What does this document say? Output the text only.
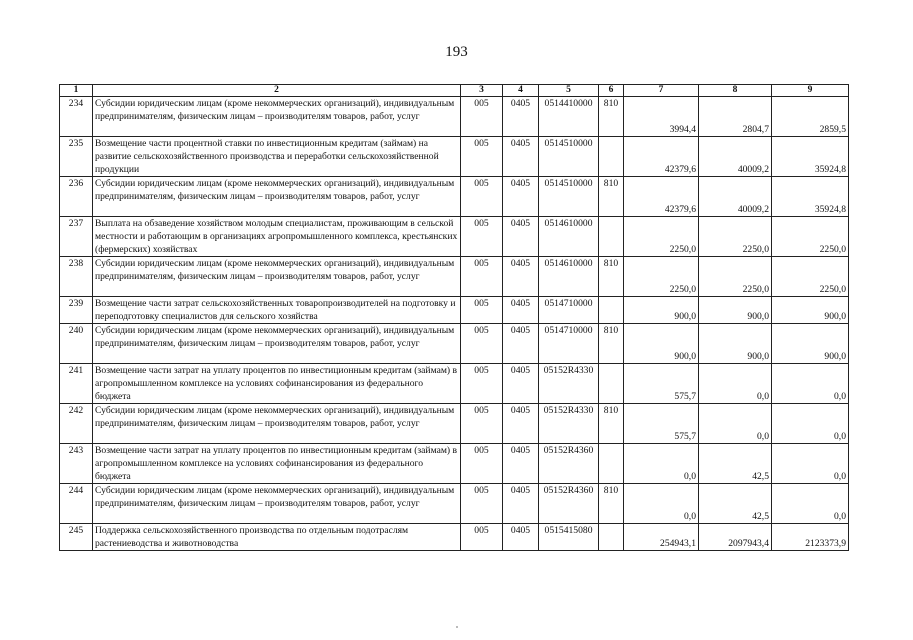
193
1	2	3	4	5	6	7	8	9
234	Субсидии юридическим лицам (кроме некоммерческих организаций), индивидуальным предпринимателям, физическим лицам – производителям товаров, работ, услуг	005	0405	0514410000	810	3994,4	2804,7	2859,5
235	Возмещение части процентной ставки по инвестиционным кредитам (займам) на развитие сельскохозяйственного производства и переработки сельскохозяйственной продукции	005	0405	0514510000		42379,6	40009,2	35924,8
236	Субсидии юридическим лицам (кроме некоммерческих организаций), индивидуальным предпринимателям, физическим лицам – производителям товаров, работ, услуг	005	0405	0514510000	810	42379,6	40009,2	35924,8
237	Выплата на обзаведение хозяйством молодым специалистам, проживающим в сельской местности и работающим в организациях агропромышленного комплекса, крестьянских (фермерских) хозяйствах	005	0405	0514610000		2250,0	2250,0	2250,0
238	Субсидии юридическим лицам (кроме некоммерческих организаций), индивидуальным предпринимателям, физическим лицам – производителям товаров, работ, услуг	005	0405	0514610000	810	2250,0	2250,0	2250,0
239	Возмещение части затрат сельскохозяйственных товаропроизводителей на подготовку и переподготовку специалистов для сельского хозяйства	005	0405	0514710000		900,0	900,0	900,0
240	Субсидии юридическим лицам (кроме некоммерческих организаций), индивидуальным предпринимателям, физическим лицам – производителям товаров, работ, услуг	005	0405	0514710000	810	900,0	900,0	900,0
241	Возмещение части затрат на уплату процентов по инвестиционным кредитам (займам) в агропромышленном комплексе на условиях софинансирования из федерального бюджета	005	0405	05152R4330		575,7	0,0	0,0
242	Субсидии юридическим лицам (кроме некоммерческих организаций), индивидуальным предпринимателям, физическим лицам – производителям товаров, работ, услуг	005	0405	05152R4330	810	575,7	0,0	0,0
243	Возмещение части затрат на уплату процентов по инвестиционным кредитам (займам) в агропромышленном комплексе на условиях софинансирования из федерального бюджета	005	0405	05152R4360		0,0	42,5	0,0
244	Субсидии юридическим лицам (кроме некоммерческих организаций), индивидуальным предпринимателям, физическим лицам – производителям товаров, работ, услуг	005	0405	05152R4360	810	0,0	42,5	0,0
245	Поддержка сельскохозяйственного производства по отдельным подотраслям растениеводства и животноводства	005	0405	0515415080		254943,1	2097943,4	2123373,9
